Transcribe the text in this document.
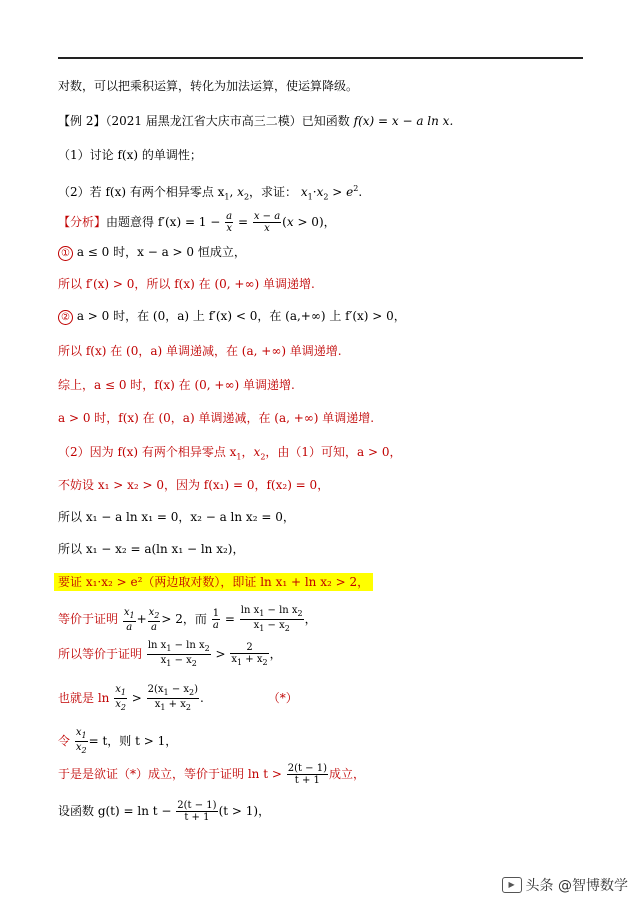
对数，可以把乘积运算，转化为加法运算，使运算降级。
【例 2】（2021 届黑龙江省大庆市高三二模）已知函数 f(x) = x − a ln x.
（1）讨论 f(x) 的单调性；
（2）若 f(x) 有两个相异零点 $x_1$, $x_2$，求证： $x_1\cdot x_2 > e^2$.
【分析】由题意得 $f'(x) = 1 - \frac{a}{x} = \frac{x - a}{x} (x > 0)$，
① a ≤ 0 时，x − a > 0 恒成立，
所以 f′(x) > 0，所以 f(x) 在 (0, +∞) 单调递增.
② a > 0 时，在 (0，a) 上 f′(x) < 0，在 (a,+∞) 上 f′(x) > 0，
所以 f(x) 在 (0，a) 单调递减，在 (a, +∞) 单调递增.
综上，a ≤ 0 时，f(x) 在 (0, +∞) 单调递增.
a > 0 时，f(x) 在 (0，a) 单调递减，在 (a, +∞) 单调递增.
（2）因为 f(x) 有两个相异零点 $x_1$，$x_2$，由（1）可知，a > 0，
不妨设 x₁ > x₂ > 0，因为 f(x₁) = 0，f(x₂) = 0，
所以 x₁ − a ln x₁ = 0，x₂ − a ln x₂ = 0，
所以 x₁ − x₂ = a(ln x₁ − ln x₂)，
要证 x₁·x₂ > e²（两边取对数），即证 ln x₁ + ln x₂ > 2，
等价于证明 $\frac{x_1}{a} + \frac{x_2}{a} > 2$，而 $\frac{1}{a} = \frac{\ln x_1 - \ln x_2}{x_1 - x_2}$ ，
所以等价于证明 $\frac{\ln x_1 - \ln x_2}{x_1 - x_2} > \frac{2}{x_1 + x_2}$ ，
也就是 $\ln \frac{x_1}{x_2} > \frac{2(x_1 - x_2)}{x_1 + x_2}$ .	（*）
令 $\frac{x_1}{x_2} = t$，则 t > 1，
于是是欲证（*）成立，等价于证明 $\ln t > \frac{2(t - 1)}{t + 1}$ 成立，
设函数 $g(t) = \ln t - \frac{2(t - 1)}{t + 1} (t > 1)$，
▶ 头条 @智博数学
